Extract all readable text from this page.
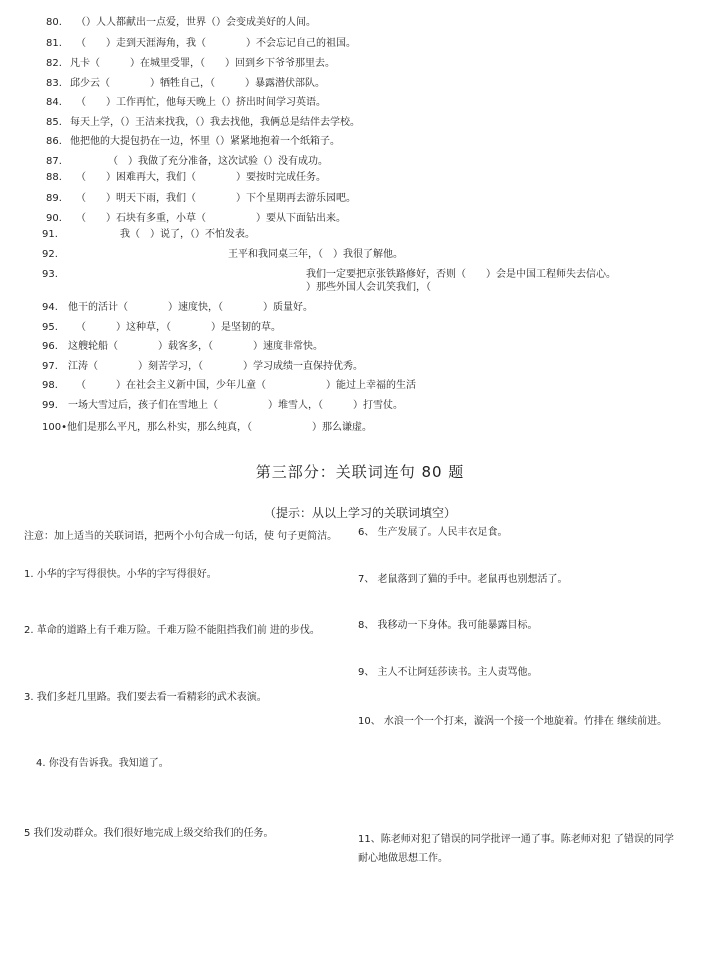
80. （）人人都献出一点爱，世界（）会变成美好的人间。
81. （　　）走到天涯海角，我（　　　　）不会忘记自己的祖国。
82. 凡卡（　　　）在城里受罪，（　　）回到乡下爷爷那里去。
83. 邱少云（　　　　）牺牲自己，（　　　）暴露潜伏部队。
84. （　　）工作再忙，他每天晚上（）挤出时间学习英语。
85. 每天上学，（）王洁来找我，（）我去找他，我俩总是结伴去学校。
86. 他把他的大提包扔在一边，怀里（）紧紧地抱着一个纸箱子。
87.	（　）我做了充分准备，这次试验（）没有成功。
88. （　　）困难再大，我们（　　　　）要按时完成任务。
89. （　　）明天下雨，我们（　　　　）下个星期再去游乐园吧。
90. （　　）石块有多重，小草（　　　　　）要从下面钻出来。
91.	我（　）说了，（）不怕发表。
92.	王平和我同桌三年，（　）我很了解他。
93.	我们一定要把京张铁路修好，否则（　　）会是中国工程师失去信心。
）那些外国人会讥笑我们，（
94. 他干的活计（　　　　）速度快，（　　　　）质量好。
95. （　　　）这种草，（　　　　）是坚韧的草。
96. 这艘轮船（　　　　）载客多，（　　　　）速度非常快。
97. 江涛（　　　　）刻苦学习，（　　　　）学习成绩一直保持优秀。
98. （　　　）在社会主义新中国，少年儿童（　　　　　　）能过上幸福的生活
99. 一场大雪过后，孩子们在雪地上（　　　　　）堆雪人，（　　　）打雪仗。
100•他们是那么平凡，那么朴实，那么纯真，（　　　　　　）那么谦虚。
第三部分：关联词连句 80 题
（提示：从以上学习的关联词填空）
注意：加上适当的关联词语，把两个小句合成一句话，使 句子更简洁。
1. 小华的字写得很快。小华的字写得很好。
2. 革命的道路上有千难万险。千难万险不能阻挡我们前 进的步伐。
3. 我们多赶几里路。我们要去看一看精彩的武术表演。
4. 你没有告诉我。我知道了。
5 我们发动群众。我们很好地完成上级交给我们的任务。
6、 生产发展了。人民丰衣足食。
7、 老鼠落到了猫的手中。老鼠再也别想活了。
8、 我移动一下身体。我可能暴露目标。
9、 主人不让阿廷莎读书。主人责骂他。
10、 水浪一个一个打来，漩涡一个接一个地旋着。竹排在 继续前进。
11、陈老师对犯了错误的同学批评一通了事。陈老师对犯 了错误的同学耐心地做思想工作。
